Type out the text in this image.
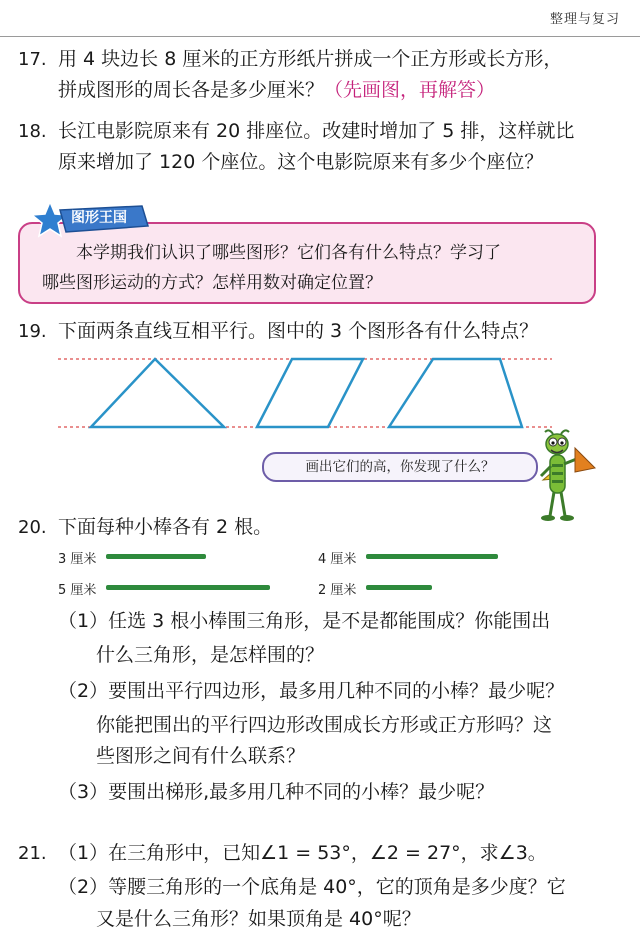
整理与复习
17. 用 4 块边长 8 厘米的正方形纸片拼成一个正方形或长方形，
拼成图形的周长各是多少厘米？（先画图，再解答）
18. 长江电影院原来有 20 排座位。改建时增加了 5 排，这样就比
原来增加了 120 个座位。这个电影院原来有多少个座位？
本学期我们认识了哪些图形？它们各有什么特点？学习了
哪些图形运动的方式？怎样用数对确定位置？
图形王国
19. 下面两条直线互相平行。图中的 3 个图形各有什么特点？
画出它们的高，你发现了什么？
20. 下面每种小棒各有 2 根。
3 厘米	4 厘米
5 厘米	2 厘米
（1）任选 3 根小棒围三角形，是不是都能围成？你能围出
什么三角形，是怎样围的？
（2）要围出平行四边形，最多用几种不同的小棒？最少呢？
你能把围出的平行四边形改围成长方形或正方形吗？这
些图形之间有什么联系？
（3）要围出梯形,最多用几种不同的小棒？最少呢？
21. （1）在三角形中，已知∠1 = 53°，∠2 = 27°，求∠3。
（2）等腰三角形的一个底角是 40°，它的顶角是多少度？它
又是什么三角形？如果顶角是 40°呢？
